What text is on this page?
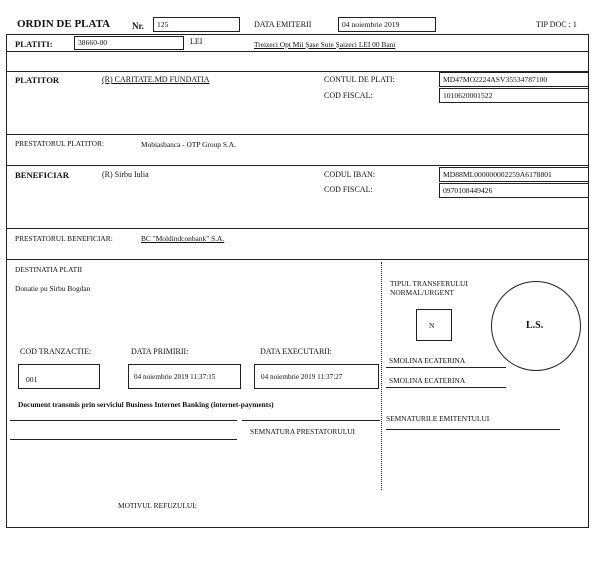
ORDIN DE PLATA Nr.	125	DATA EMITERII	04 noiembrie 2019	TIP DOC : 1
PLATITI:	38660-00	LEI	Treizeci Opt Mii Şase Sute Şaizeci LEI 00 Bani
PLATITOR	(R) CARITATE.MD FUNDATIA	CONTUL DE PLATI:	MD47MO2224ASV35534787100
COD FISCAL:	1010620001522
PRESTATORUL PLATITOR:	Mobiasbanca - OTP Group S.A.
BENEFICIAR	(R) Sirbu Iulia	CODUL IBAN:	MD88ML000000002259A6178801
COD FISCAL:	0970108449426
PRESTATORUL BENEFICIAR:	BC "Moldindconbank" S.A.
DESTINATIA PLATII
Donatie pu Sirbu Bogdan
TIPUL TRANSFERULUI
NORMAL/URGENT
N	L.S.
COD TRANZACTIE:	DATA PRIMIRII:	DATA EXECUTARII:
001	04 noiembrie 2019 11:37:15	04 noiembrie 2019 11:37:27
SMOLINA ECATERINA
SMOLINA ECATERINA
Document transmis prin serviciul Business Internet Banking (internet-payments)
SEMNATURA PRESTATORULUI
SEMNATURILE EMITENTULUI
MOTIVUL REFUZULUI:
